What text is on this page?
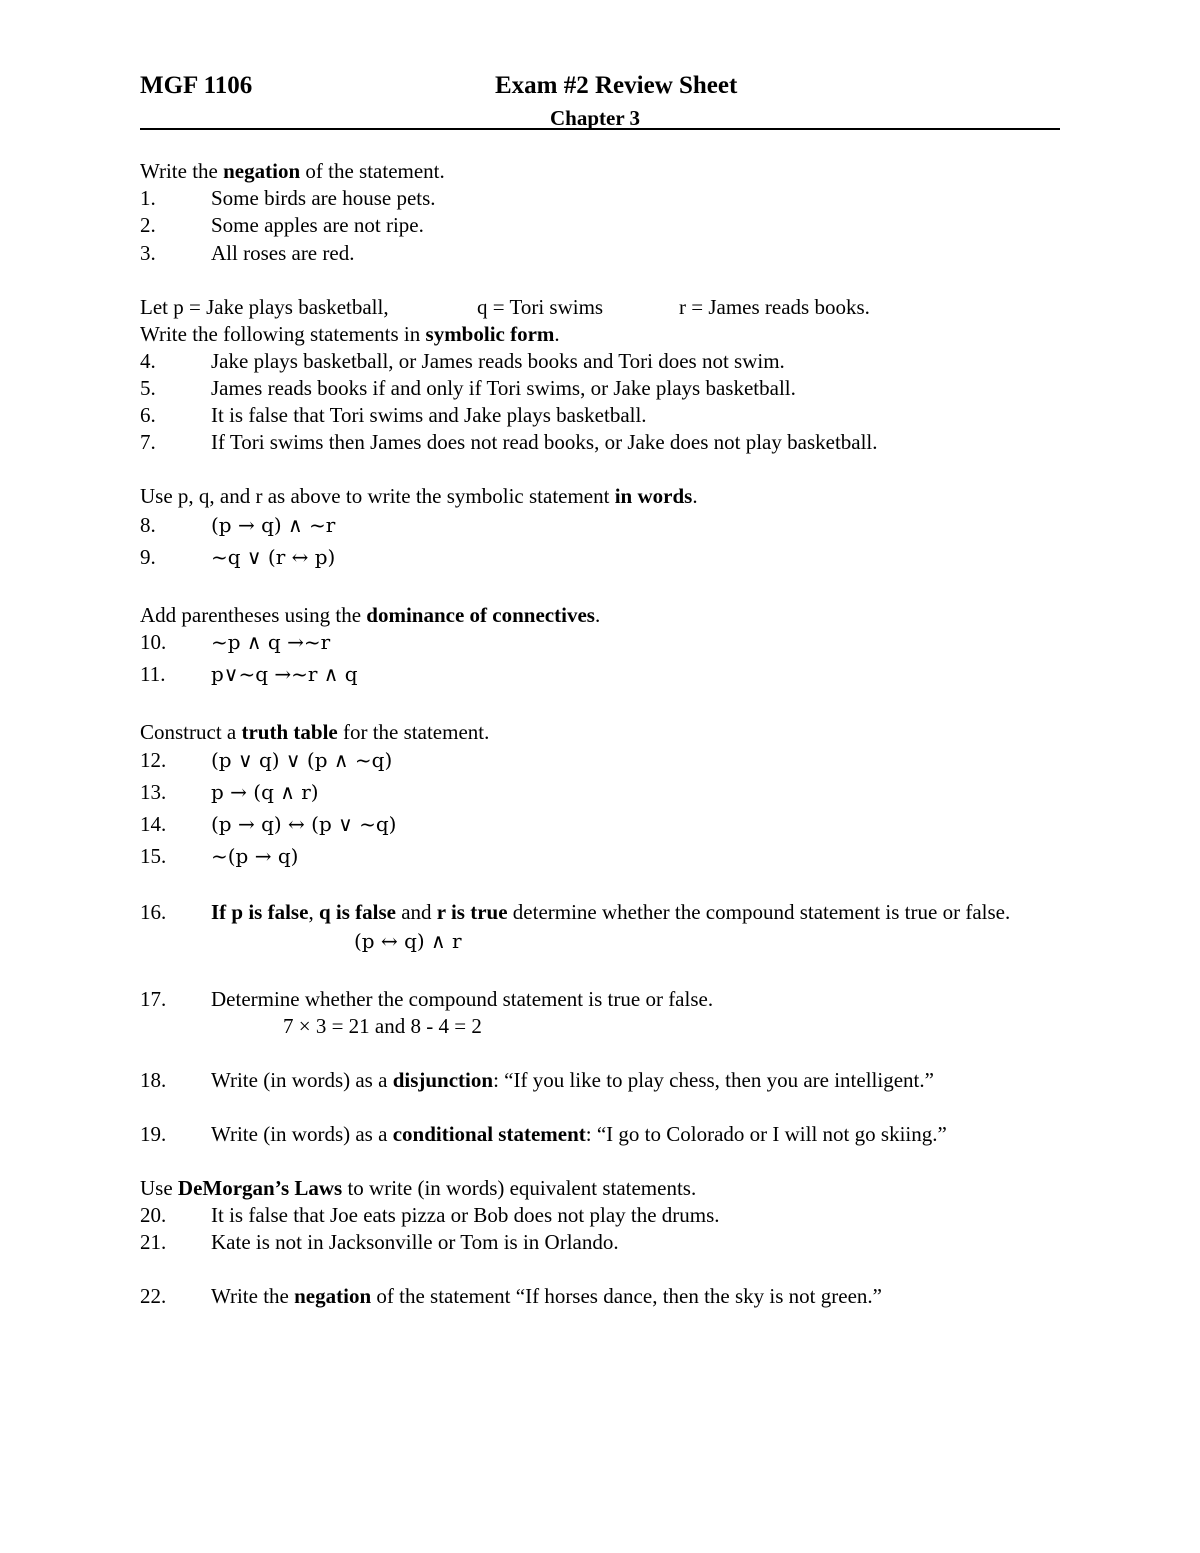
MGF 1106	Exam #2 Review Sheet
Chapter 3
Write the negation of the statement.
1.	Some birds are house pets.
2.	Some apples are not ripe.
3.	All roses are red.
Let p = Jake plays basketball,	q = Tori swims	r = James reads books.
Write the following statements in symbolic form.
4.	Jake plays basketball, or James reads books and Tori does not swim.
5.	James reads books if and only if Tori swims, or Jake plays basketball.
6.	It is false that Tori swims and Jake plays basketball.
7.	If Tori swims then James does not read books, or Jake does not play basketball.
Use p, q, and r as above to write the symbolic statement in words.
8.	(p → q) ∧ ~r
9.	~q ∨ (r ↔ p)
Add parentheses using the dominance of connectives.
10. ~p ∧ q →~r
11. p∨~q →~r ∧ q
Construct a truth table for the statement.
12. (p ∨ q) ∨ (p ∧ ~q)
13. p → (q ∧ r)
14. (p → q) ↔ (p ∨ ~q)
15. ~(p → q)
16. If p is false, q is false and r is true determine whether the compound statement is true or false.
(p ↔ q) ∧ r
17. Determine whether the compound statement is true or false.
7 × 3 = 21 and 8 - 4 = 2
18. Write (in words) as a disjunction: “If you like to play chess, then you are intelligent.”
19. Write (in words) as a conditional statement: “I go to Colorado or I will not go skiing.”
Use DeMorgan’s Laws to write (in words) equivalent statements.
20. It is false that Joe eats pizza or Bob does not play the drums.
21. Kate is not in Jacksonville or Tom is in Orlando.
22. Write the negation of the statement “If horses dance, then the sky is not green.”
